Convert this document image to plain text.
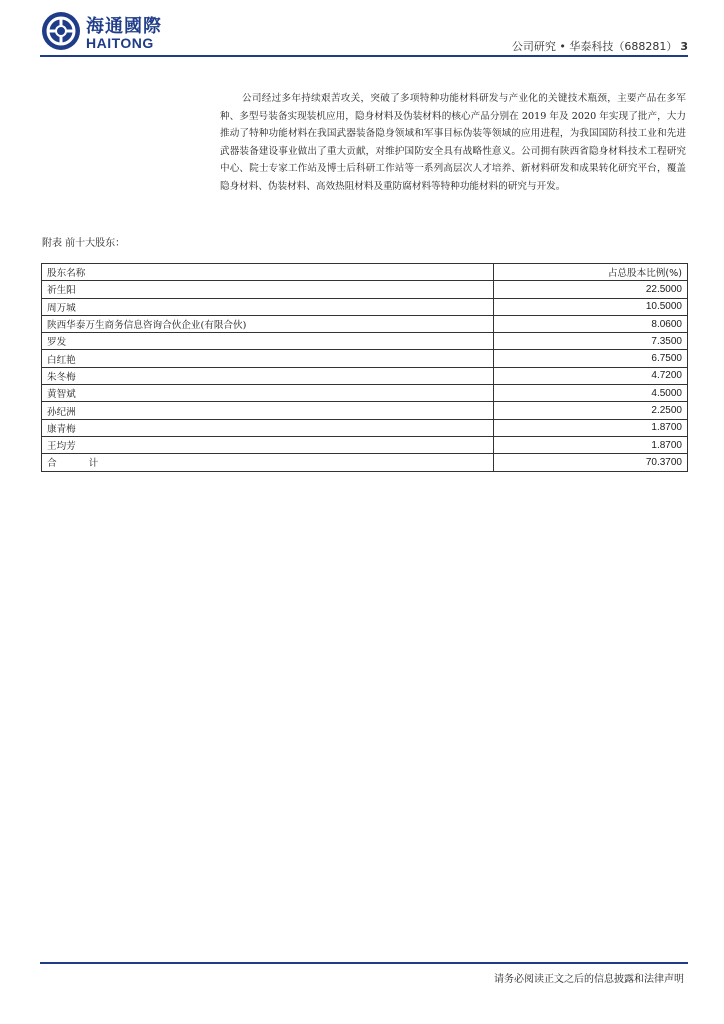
海通國際
HAITONG	公司研究 • 华泰科技（688281） 3
公司经过多年持续艰苦攻关，突破了多项特种功能材料研发与产业化的关键技术瓶颈，主要产品在多军种、多型号装备实现装机应用，隐身材料及伪装材料的核心产品分别在 2019 年及 2020 年实现了批产，大力推动了特种功能材料在我国武器装备隐身领域和军事目标伪装等领域的应用进程，为我国国防科技工业和先进武器装备建设事业做出了重大贡献，对维护国防安全具有战略性意义。公司拥有陕西省隐身材料技术工程研究中心、院士专家工作站及博士后科研工作站等一系列高层次人才培养、新材料研发和成果转化研究平台，覆盖隐身材料、伪装材料、高效热阻材料及重防腐材料等特种功能材料的研究与开发。
附表 前十大股东：
股东名称	占总股本比例(%)
祈生阳	22.5000
周万城	10.5000
陕西华泰万生商务信息咨询合伙企业(有限合伙)	8.0600
罗发	7.3500
白红艳	6.7500
朱冬梅	4.7200
黄智斌	4.5000
孙纪洲	2.2500
康青梅	1.8700
王均芳	1.8700
合计	70.3700
请务必阅读正文之后的信息披露和法律声明
